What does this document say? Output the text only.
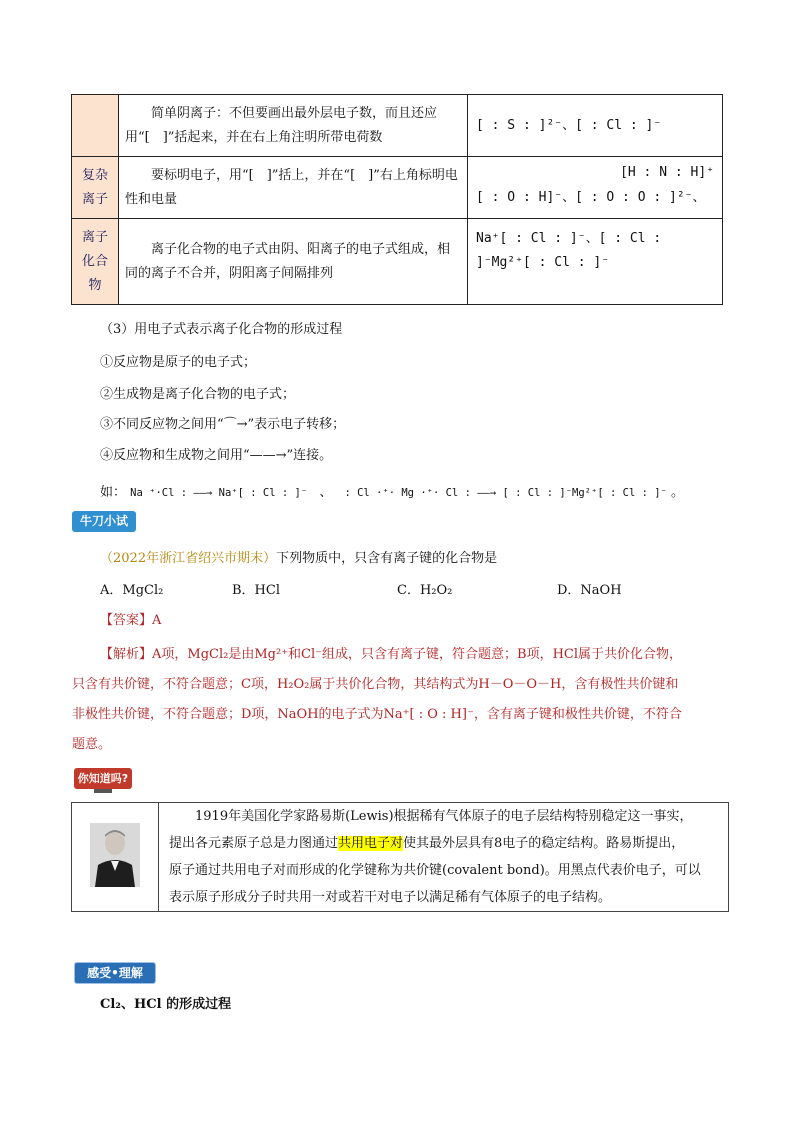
	简单阴离子：不但要画出最外层电子数，而且还应用“[　]”括起来，并在右上角注明所带电荷数	[ : S : ]²⁻、[ : Cl : ]⁻
复杂离子	要标明电子，用“[　]”括上，并在“[　]”右上角标明电性和电量	[ : O : H]⁻、[ : O : O : ]²⁻、
[H : N : H]⁺

离子化合物	离子化合物的电子式由阴、阳离子的电子式组成，相同的离子不合并，阴阳离子间隔排列	Na⁺[ : Cl : ]⁻、[ : Cl : ]⁻Mg²⁺[ : Cl : ]⁻
（3）用电子式表示离子化合物的形成过程
①反应物是原子的电子式；
②生成物是离子化合物的电子式；
③不同反应物之间用“⌒→”表示电子转移；
④反应物和生成物之间用“——→”连接。
如： Na ⁺·Cl : ——→ Na⁺[ : Cl : ]⁻ 、 : Cl ·⁺· Mg ·⁺· Cl : ——→ [ : Cl : ]⁻Mg²⁺[ : Cl : ]⁻ 。
牛刀小试
（2022年浙江省绍兴市期末）下列物质中，只含有离子键的化合物是
A．MgCl₂	B．HCl	C．H₂O₂	D．NaOH
【答案】A
【解析】A项，MgCl₂是由Mg²⁺和Cl⁻组成，只含有离子键，符合题意；B项，HCl属于共价化合物，
只含有共价键，不符合题意；C项，H₂O₂属于共价化合物，其结构式为H－O－O－H，含有极性共价键和
非极性共价键，不符合题意；D项，NaOH的电子式为Na⁺[ : O : H]⁻，含有离子键和极性共价键，不符合
题意。
你知道吗?

1919年美国化学家路易斯(Lewis)根据稀有气体原子的电子层结构特别稳定这一事实，
提出各元素原子总是力图通过共用电子对使其最外层具有8电子的稳定结构。路易斯提出，
原子通过共用电子对而形成的化学键称为共价键(covalent bond)。用黑点代表价电子，可以
表示原子形成分子时共用一对或若干对电子以满足稀有气体原子的电子结构。
感受•理解
Cl₂、HCl 的形成过程
